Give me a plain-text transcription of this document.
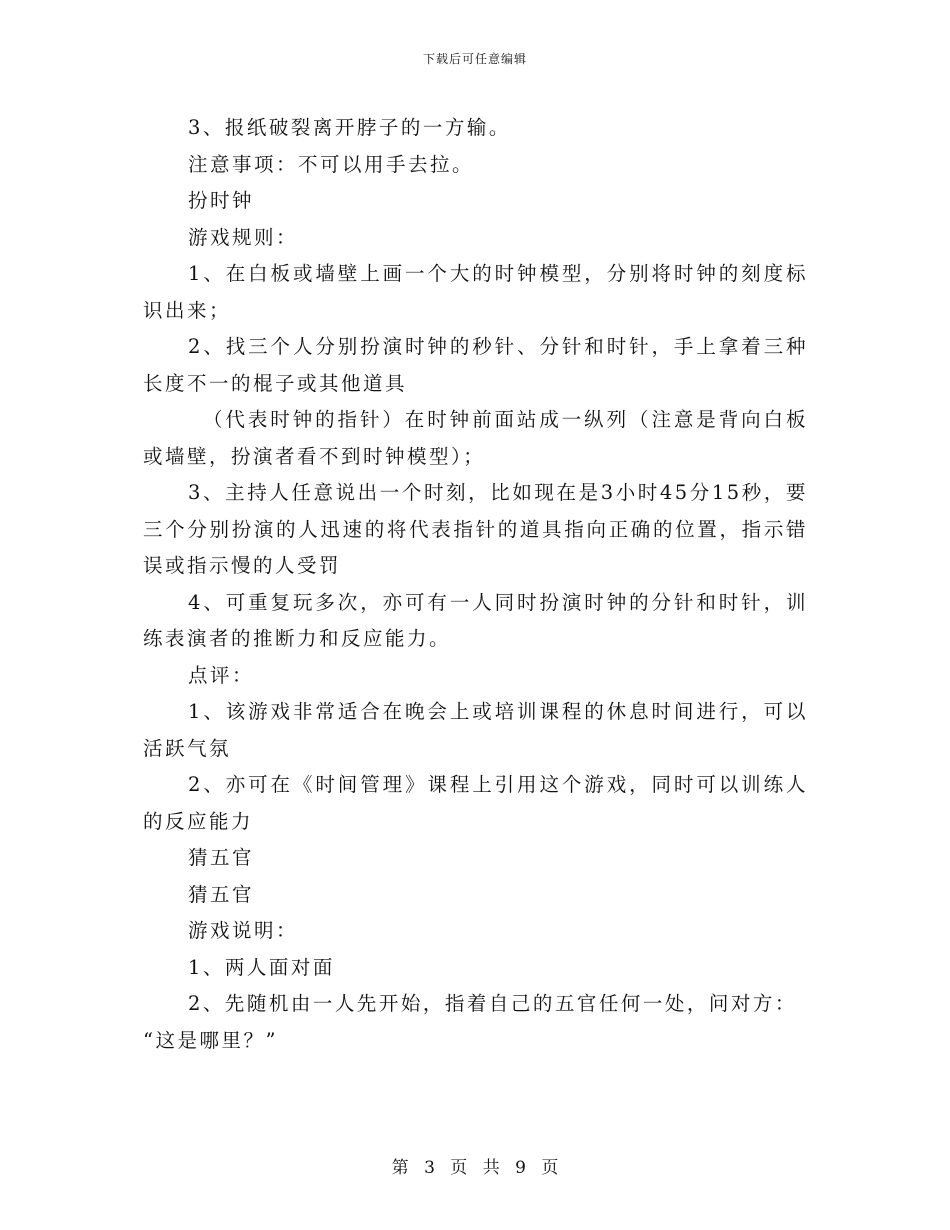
下载后可任意编辑

3、报纸破裂离开脖子的一方输。

注意事项：不可以用手去拉。

扮时钟

游戏规则：

1、在白板或墙壁上画一个大的时钟模型，分别将时钟的刻度标识出来；

2、找三个人分别扮演时钟的秒针、分针和时针，手上拿着三种长度不一的棍子或其他道具

（代表时钟的指针）在时钟前面站成一纵列（注意是背向白板或墙壁，扮演者看不到时钟模型）；

3、主持人任意说出一个时刻，比如现在是3小时45分15秒，要三个分别扮演的人迅速的将代表指针的道具指向正确的位置，指示错误或指示慢的人受罚

4、可重复玩多次，亦可有一人同时扮演时钟的分针和时针，训练表演者的推断力和反应能力。

点评：

1、该游戏非常适合在晚会上或培训课程的休息时间进行，可以活跃气氛

2、亦可在《时间管理》课程上引用这个游戏，同时可以训练人的反应能力

猜五官

猜五官

游戏说明：

1、两人面对面

2、先随机由一人先开始，指着自己的五官任何一处，问对方：

“这是哪里？”

第 3 页 共 9 页
